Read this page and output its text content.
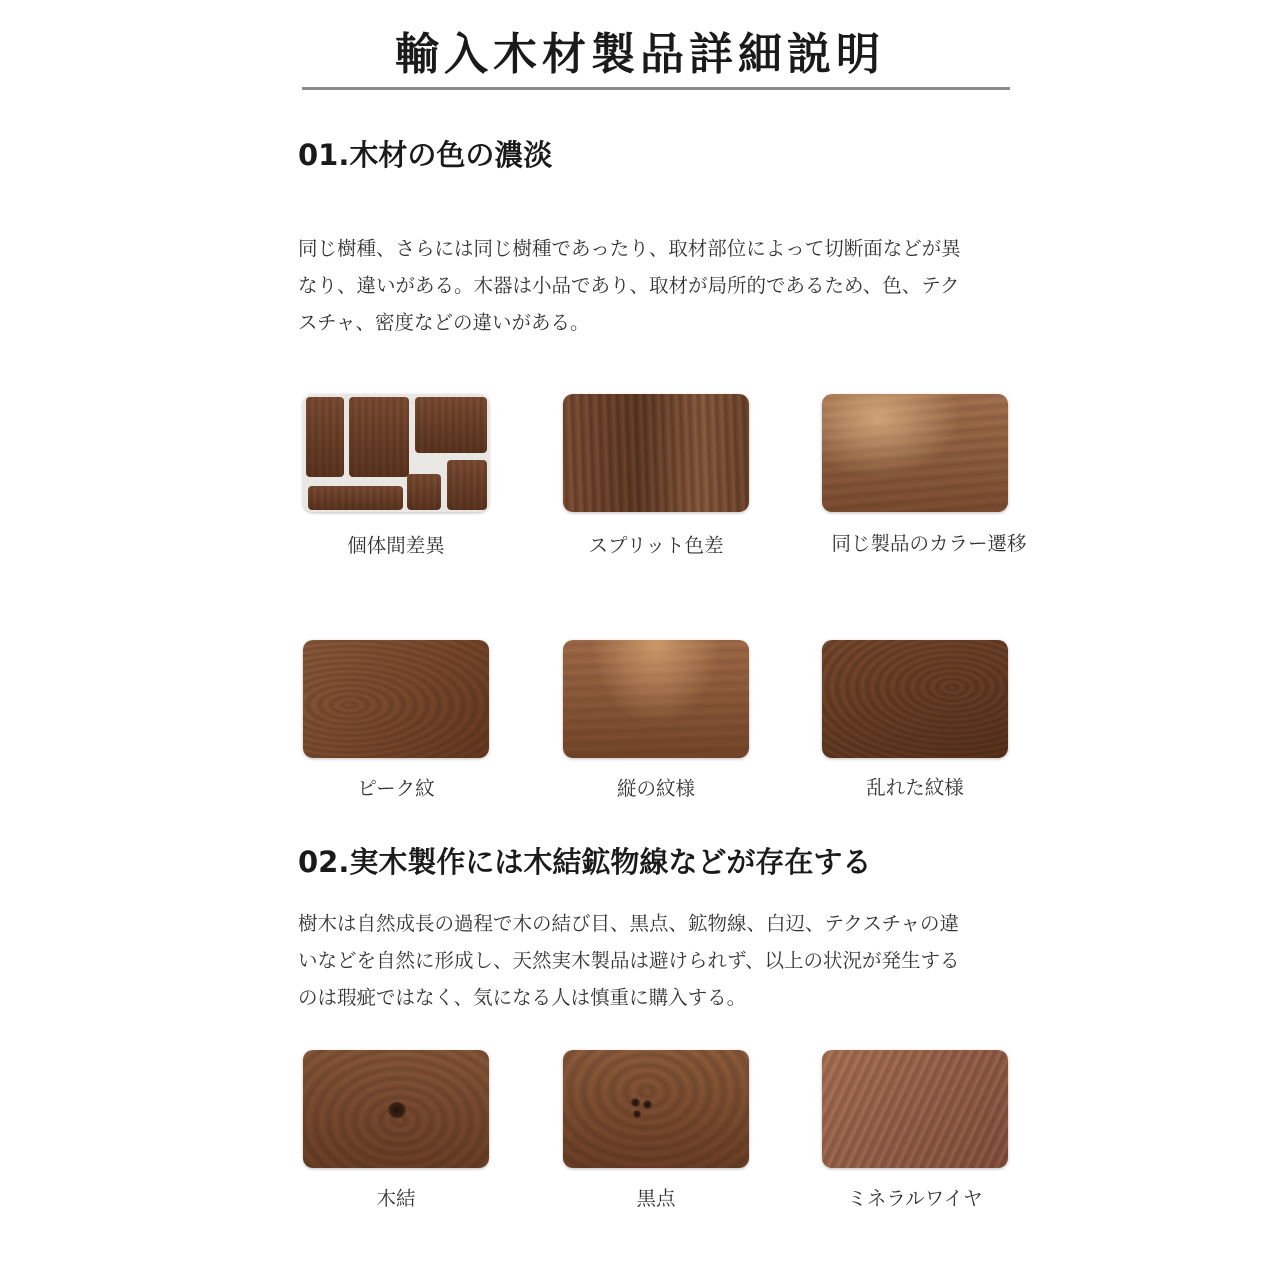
輸入木材製品詳細説明
01.木材の色の濃淡
同じ樹種、さらには同じ樹種であったり、取材部位によって切断面などが異
なり、違いがある。木器は小品であり、取材が局所的であるため、色、テク
スチャ、密度などの違いがある。
個体間差異	スプリット色差	同じ製品のカラー遷移
ピーク紋	縦の紋様	乱れた紋様
02.実木製作には木結鉱物線などが存在する
樹木は自然成長の過程で木の結び目、黒点、鉱物線、白辺、テクスチャの違
いなどを自然に形成し、天然実木製品は避けられず、以上の状況が発生する
のは瑕疵ではなく、気になる人は慎重に購入する。
木結	黒点	ミネラルワイヤ
